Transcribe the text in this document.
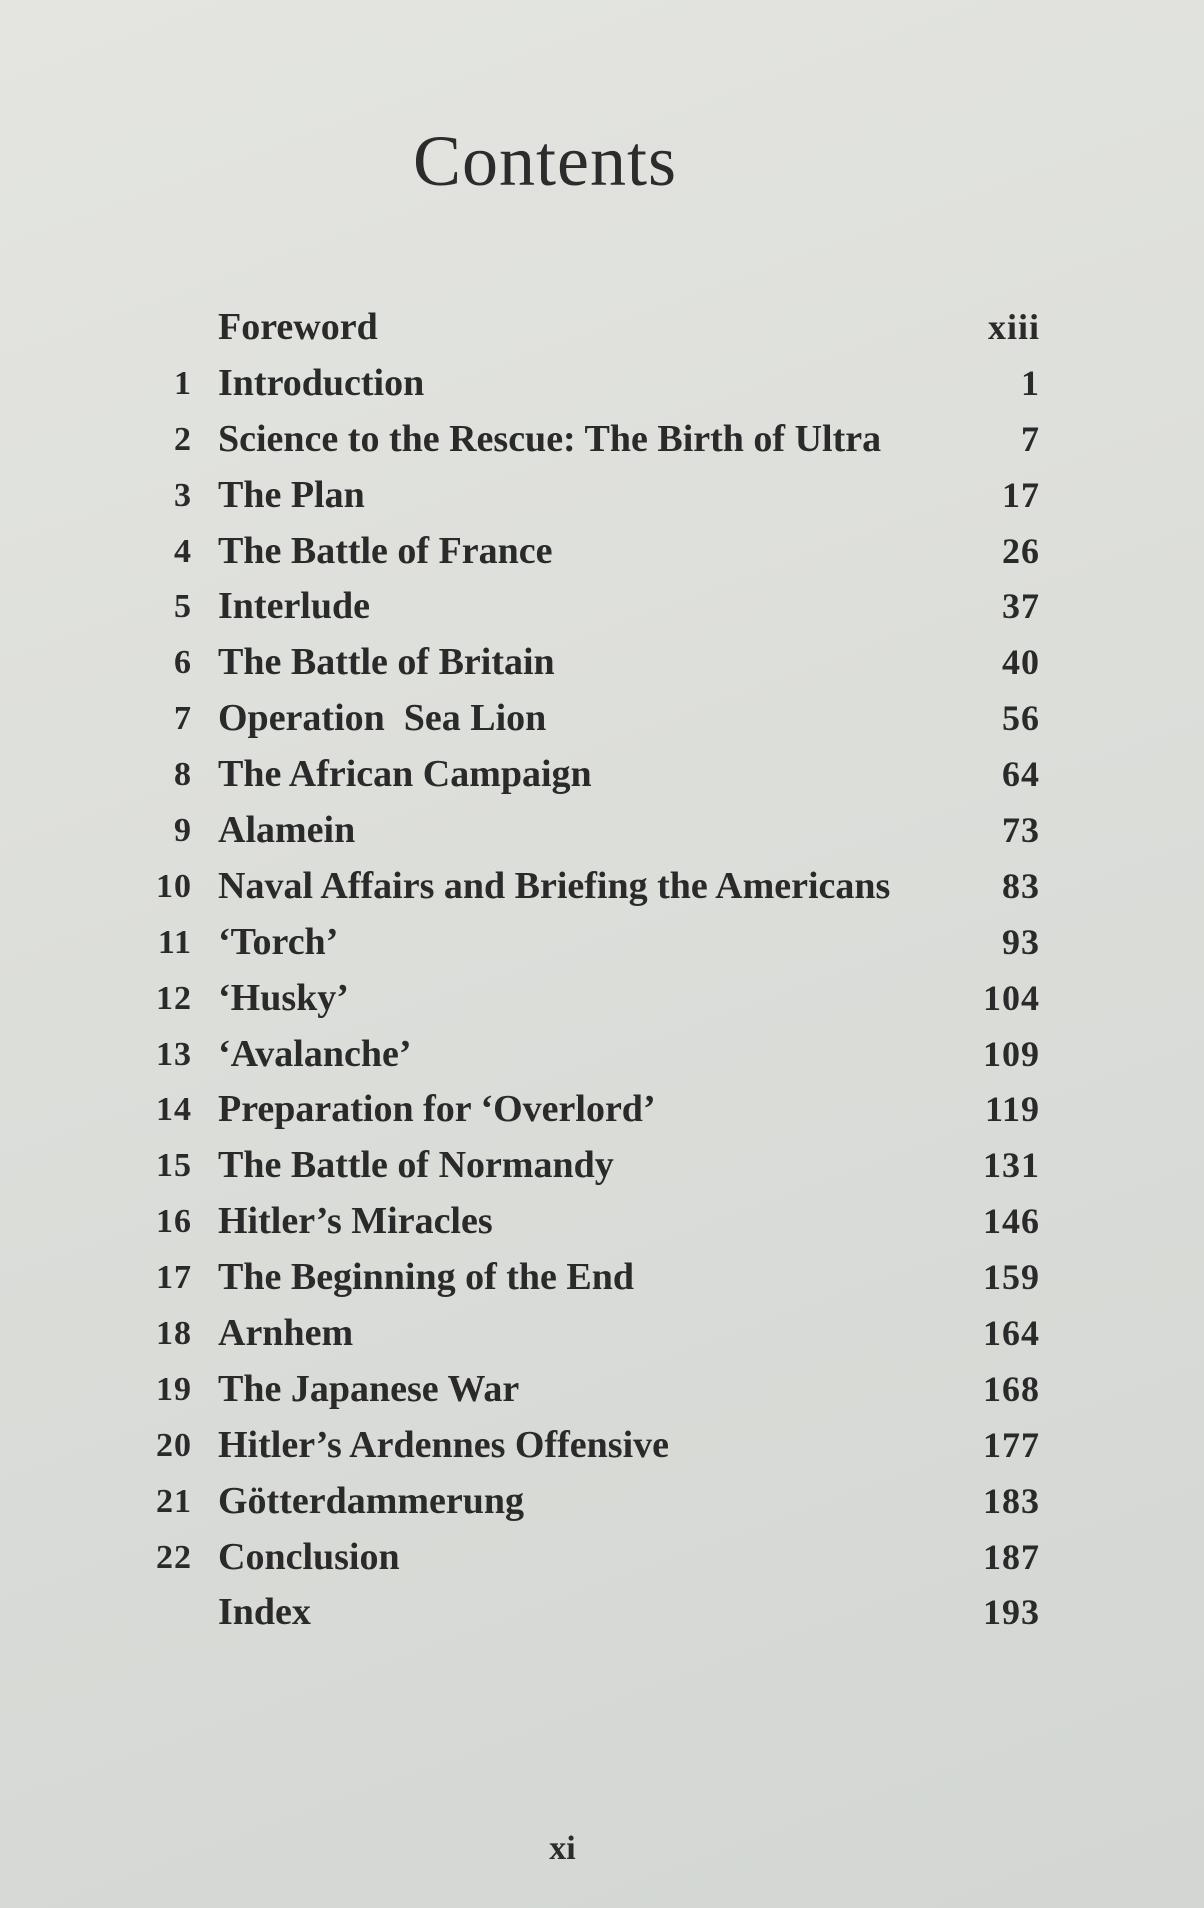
Contents
Foreword	xiii
1 Introduction	1
2 Science to the Rescue: The Birth of Ultra	7
3 The Plan	17
4 The Battle of France	26
5 Interlude	37
6 The Battle of Britain	40
7 Operation  Sea Lion	56
8 The African Campaign	64
9 Alamein	73
10 Naval Affairs and Briefing the Americans	83
11 ‘Torch’	93
12 ‘Husky’	104
13 ‘Avalanche’	109
14 Preparation for ‘Overlord’	119
15 The Battle of Normandy	131
16 Hitler’s Miracles	146
17 The Beginning of the End	159
18 Arnhem	164
19 The Japanese War	168
20 Hitler’s Ardennes Offensive	177
21 Götterdammerung	183
22 Conclusion	187
Index	193
xi
